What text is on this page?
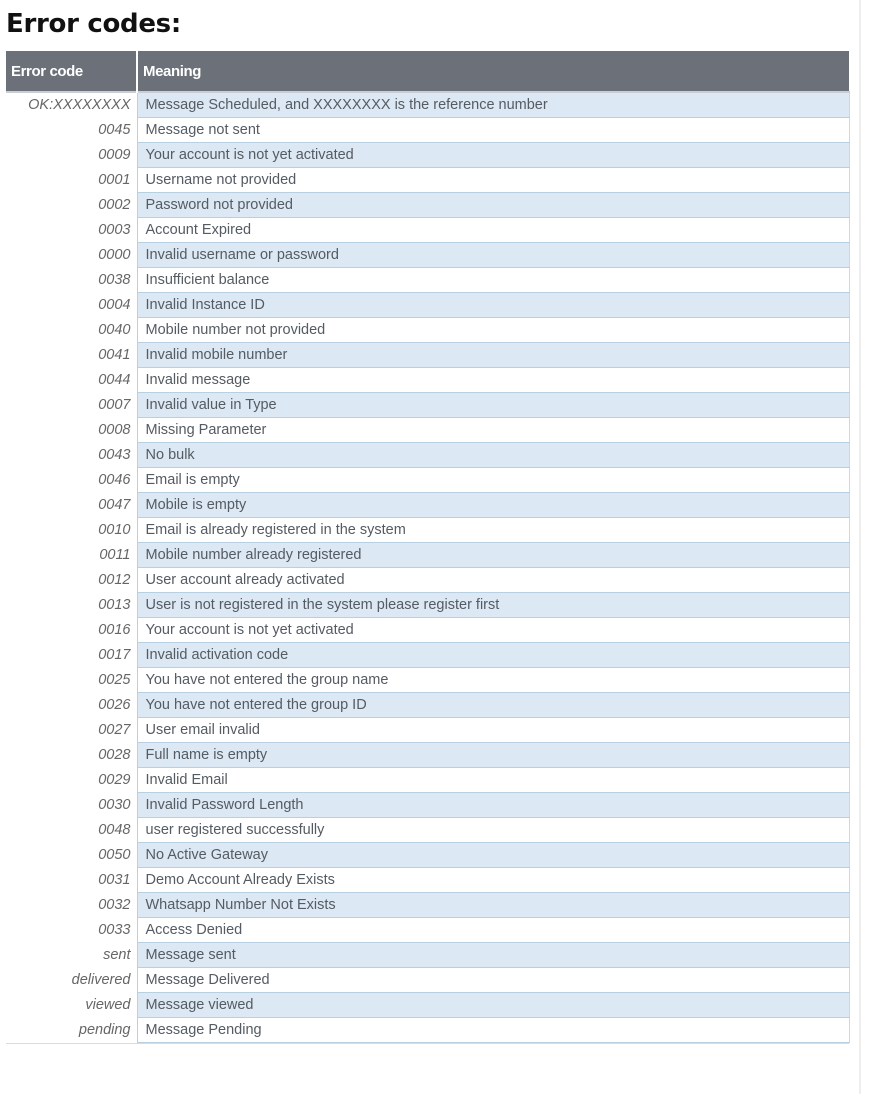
Error codes:
Error code	Meaning
OK:XXXXXXXX	Message Scheduled, and XXXXXXXX is the reference number
0045	Message not sent
0009	Your account is not yet activated
0001	Username not provided
0002	Password not provided
0003	Account Expired
0000	Invalid username or password
0038	Insufficient balance
0004	Invalid Instance ID
0040	Mobile number not provided
0041	Invalid mobile number
0044	Invalid message
0007	Invalid value in Type
0008	Missing Parameter
0043	No bulk
0046	Email is empty
0047	Mobile is empty
0010	Email is already registered in the system
0011	Mobile number already registered
0012	User account already activated
0013	User is not registered in the system please register first
0016	Your account is not yet activated
0017	Invalid activation code
0025	You have not entered the group name
0026	You have not entered the group ID
0027	User email invalid
0028	Full name is empty
0029	Invalid Email
0030	Invalid Password Length
0048	user registered successfully
0050	No Active Gateway
0031	Demo Account Already Exists
0032	Whatsapp Number Not Exists
0033	Access Denied
sent	Message sent
delivered	Message Delivered
viewed	Message viewed
pending	Message Pending
